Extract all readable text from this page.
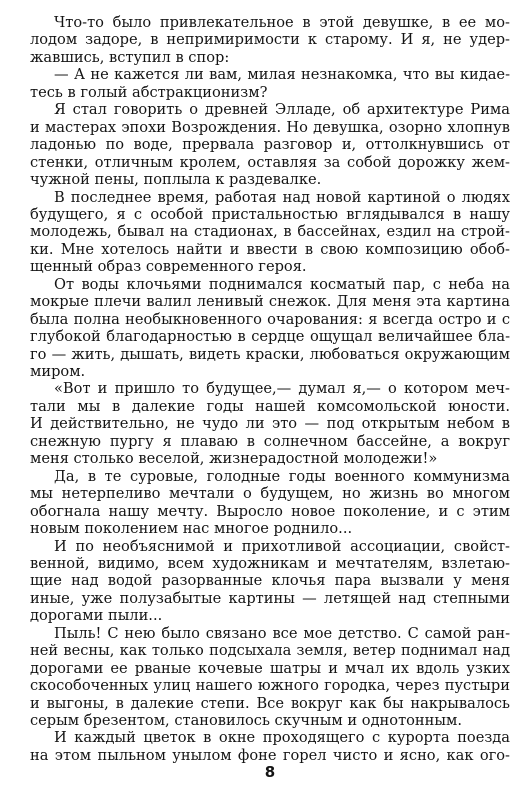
Что-то было привлекательное в этой девушке, в ее мо-
лодом задоре, в непримиримости к старому. И я, не удер-
жавшись, вступил в спор:
— А не кажется ли вам, милая незнакомка, что вы кидае-
тесь в голый абстракционизм?
Я стал говорить о древней Элладе, об архитектуре Рима
и мастерах эпохи Возрождения. Но девушка, озорно хлопнув
ладонью по воде, прервала разговор и, оттолкнувшись от
стенки, отличным кролем, оставляя за собой дорожку жем-
чужной пены, поплыла к раздевалке.
В последнее время, работая над новой картиной о людях
будущего, я с особой пристальностью вглядывался в нашу
молодежь, бывал на стадионах, в бассейнах, ездил на строй-
ки. Мне хотелось найти и ввести в свою композицию обоб-
щенный образ современного героя.
От воды клочьями поднимался косматый пар, с неба на
мокрые плечи валил ленивый снежок. Для меня эта картина
была полна необыкновенного очарования: я всегда остро и с
глубокой благодарностью в сердце ощущал величайшее бла-
го — жить, дышать, видеть краски, любоваться окружающим
миром.
«Вот и пришло то будущее,— думал я,— о котором меч-
тали мы в далекие годы нашей комсомольской юности.
И действительно, не чудо ли это — под открытым небом в
снежную пургу я плаваю в солнечном бассейне, а вокруг
меня столько веселой, жизнерадостной молодежи!»
Да, в те суровые, голодные годы военного коммунизма
мы нетерпеливо мечтали о будущем, но жизнь во многом
обогнала нашу мечту. Выросло новое поколение, и с этим
новым поколением нас многое роднило...
И по необъяснимой и прихотливой ассоциации, свойст-
венной, видимо, всем художникам и мечтателям, взлетаю-
щие над водой разорванные клочья пара вызвали у меня
иные, уже полузабытые картины — летящей над степными
дорогами пыли...
Пыль! С нею было связано все мое детство. С самой ран-
ней весны, как только подсыхала земля, ветер поднимал над
дорогами ее рваные кочевые шатры и мчал их вдоль узких
скособоченных улиц нашего южного городка, через пустыри
и выгоны, в далекие степи. Все вокруг как бы накрывалось
серым брезентом, становилось скучным и однотонным.
И каждый цветок в окне проходящего с курорта поезда
на этом пыльном унылом фоне горел чисто и ясно, как ого-
8
